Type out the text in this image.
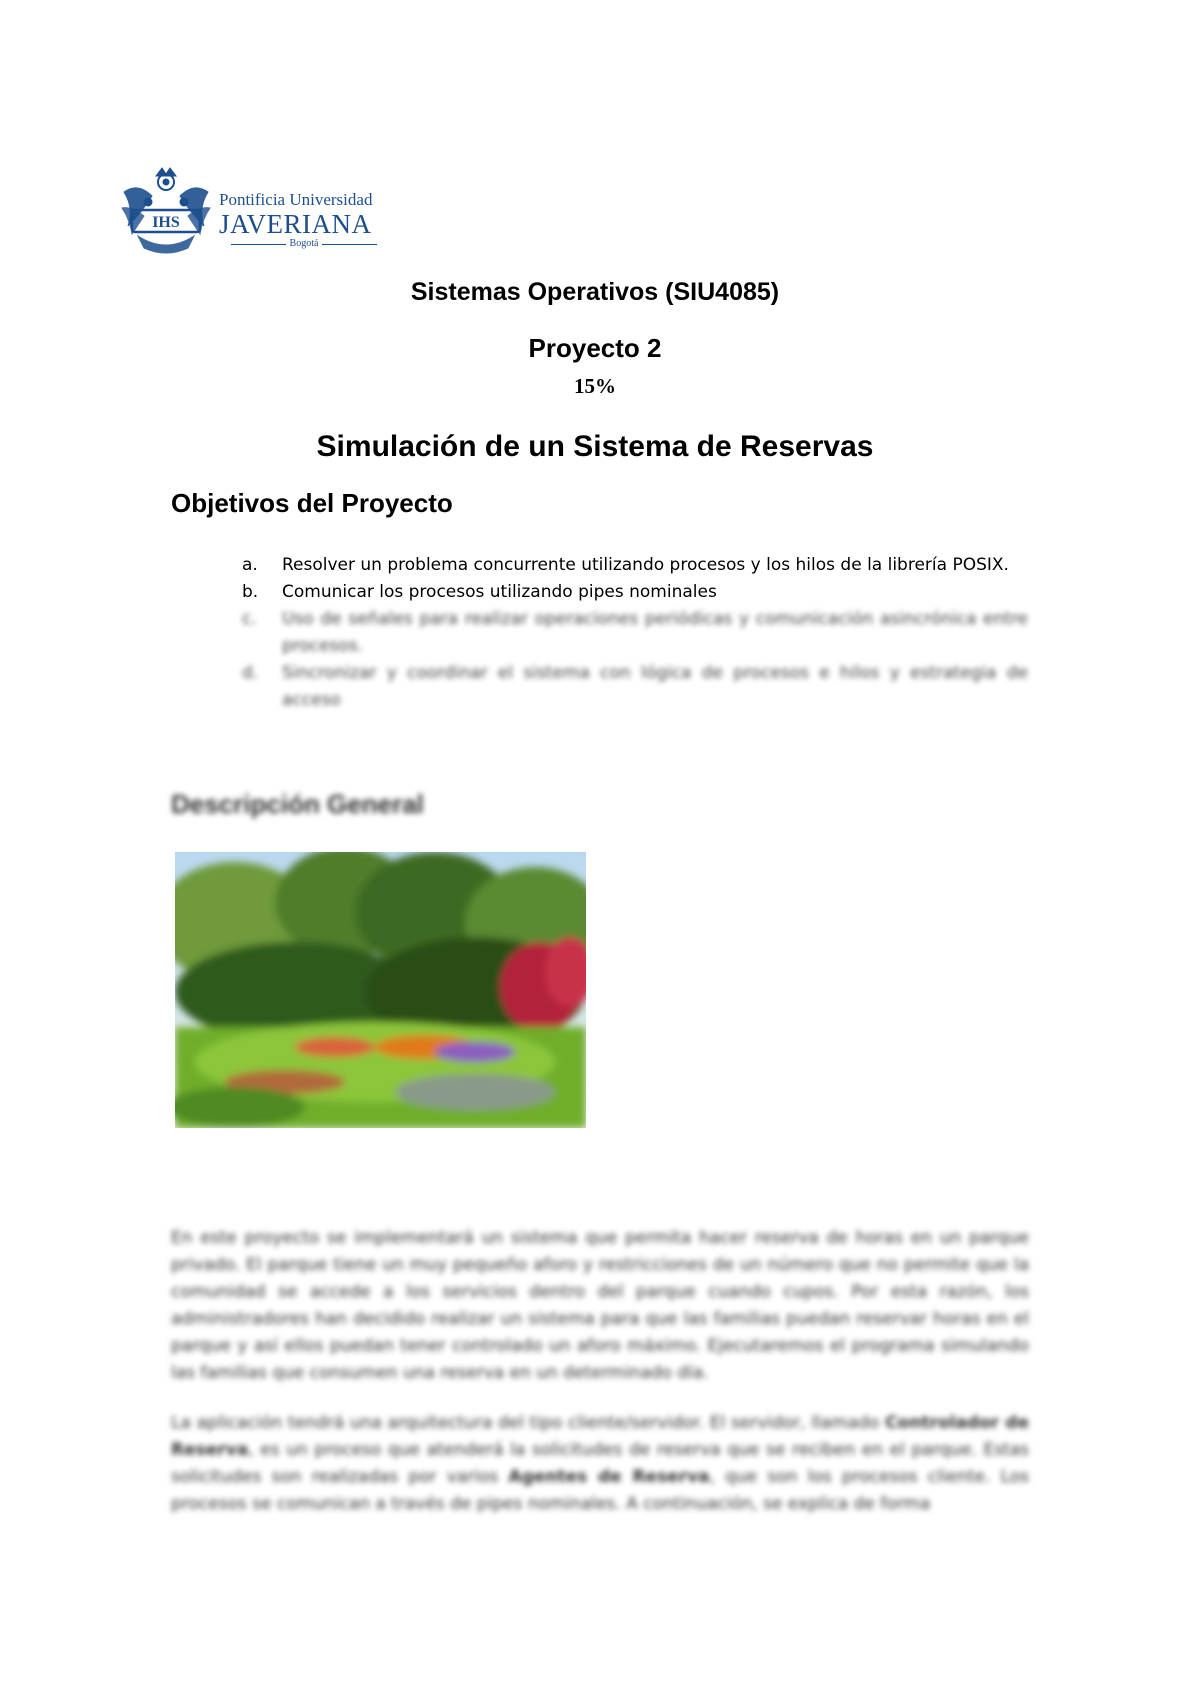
IHS
Pontificia Universidad
JAVERIANA
Bogotá
Sistemas Operativos (SIU4085)
Proyecto 2
15%
Simulación de un Sistema de Reservas
Objetivos del Proyecto
a. Resolver un problema concurrente utilizando procesos y los hilos de la librería POSIX.
b. Comunicar los procesos utilizando pipes nominales
c. Uso de señales para realizar operaciones periódicas y comunicación asincrónica entre procesos.
d. Sincronizar y coordinar el sistema con lógica de procesos e hilos y estrategia de acceso
Descripción General

En este proyecto se implementará un sistema que permita hacer reserva de horas en un parque privado. El parque tiene un muy pequeño aforo y restricciones de un número que no permite que la comunidad se accede a los servicios dentro del parque cuando cupos. Por esta razón, los administradores han decidido realizar un sistema para que las familias puedan reservar horas en el parque y así ellos puedan tener controlado un aforo máximo. Ejecutaremos el programa simulando las familias que consumen una reserva en un determinado día.

La aplicación tendrá una arquitectura del tipo cliente/servidor. El servidor, llamado Controlador de Reserva, es un proceso que atenderá la solicitudes de reserva que se reciben en el parque. Estas solicitudes son realizadas por varios Agentes de Reserva, que son los procesos cliente. Los procesos se comunican a través de pipes nominales. A continuación, se explica de forma
